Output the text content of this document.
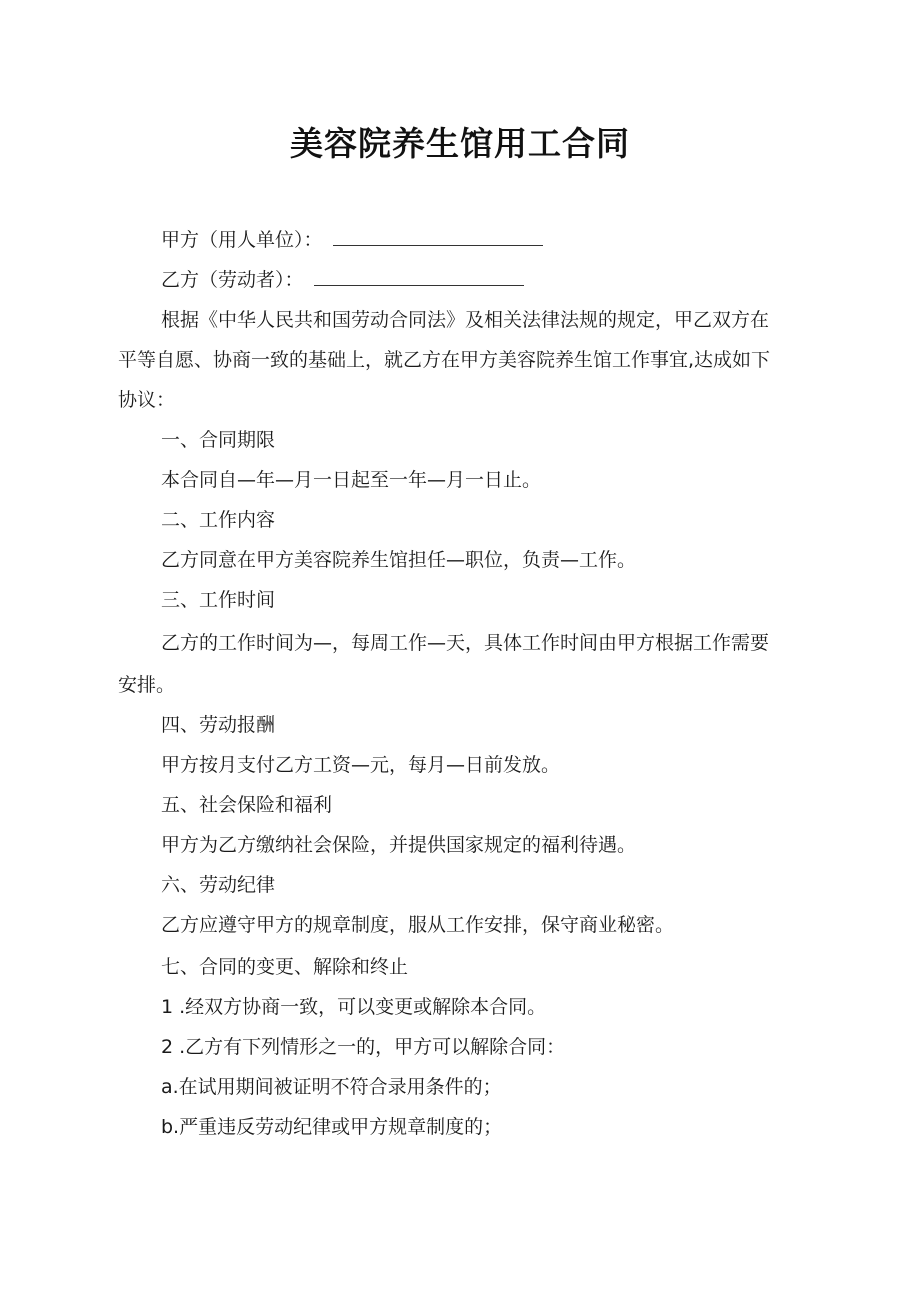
美容院养生馆用工合同
甲方（用人单位）：
乙方（劳动者）：
根据《中华人民共和国劳动合同法》及相关法律法规的规定，甲乙双方在
平等自愿、协商一致的基础上，就乙方在甲方美容院养生馆工作事宜,达成如下
协议：
一、合同期限
本合同自—年—月一日起至一年—月一日止。
二、工作内容
乙方同意在甲方美容院养生馆担任—职位，负责—工作。
三、工作时间
乙方的工作时间为—，每周工作—天，具体工作时间由甲方根据工作需要
安排。
四、劳动报酬
甲方按月支付乙方工资—元，每月—日前发放。
五、社会保险和福利
甲方为乙方缴纳社会保险，并提供国家规定的福利待遇。
六、劳动纪律
乙方应遵守甲方的规章制度，服从工作安排，保守商业秘密。
七、合同的变更、解除和终止
1 .经双方协商一致，可以变更或解除本合同。
2 .乙方有下列情形之一的，甲方可以解除合同：
a.在试用期间被证明不符合录用条件的；
b.严重违反劳动纪律或甲方规章制度的；
